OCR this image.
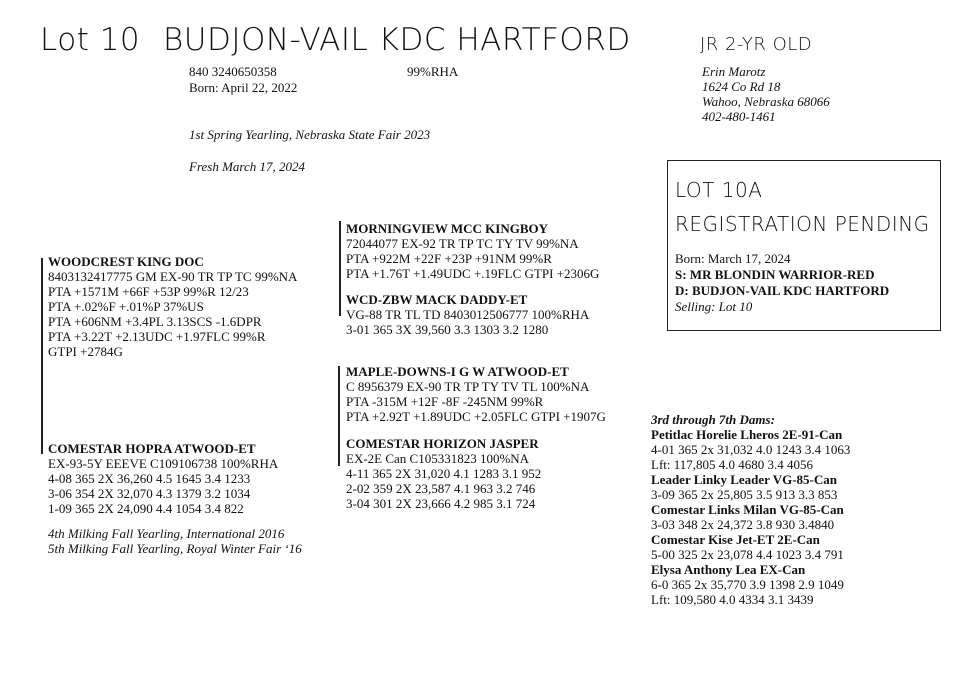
Lot 10 BUDJON-VAIL KDC HARTFORD	JR 2-YR OLD
840 3240650358	99%RHA
Born: April 22, 2022
1st Spring Yearling, Nebraska State Fair 2023
Fresh March 17, 2024
Erin Marotz
1624 Co Rd 18
Wahoo, Nebraska 68066
402-480-1461
LOT 10A
REGISTRATION PENDING
Born: March 17, 2024
S: MR BLONDIN WARRIOR-RED
D: BUDJON-VAIL KDC HARTFORD
Selling: Lot 10
WOODCREST KING DOC
8403132417775 GM EX-90 TR TP TC 99%NA
PTA +1571M +66F +53P 99%R 12/23
PTA +.02%F +.01%P 37%US
PTA +606NM +3.4PL 3.13SCS -1.6DPR
PTA +3.22T +2.13UDC +1.97FLC 99%R
GTPI +2784G
MORNINGVIEW MCC KINGBOY
72044077 EX-92 TR TP TC TY TV 99%NA
PTA +922M +22F +23P +91NM 99%R
PTA +1.76T +1.49UDC +.19FLC GTPI +2306G
WCD-ZBW MACK DADDY-ET
VG-88 TR TL TD 8403012506777 100%RHA
3-01 365 3X 39,560 3.3 1303 3.2 1280
MAPLE-DOWNS-I G W ATWOOD-ET
C 8956379 EX-90 TR TP TY TV TL 100%NA
PTA -315M +12F -8F -245NM 99%R
PTA +2.92T +1.89UDC +2.05FLC GTPI +1907G
COMESTAR HOPRA ATWOOD-ET
EX-93-5Y EEEVE C109106738 100%RHA
4-08 365 2X 36,260 4.5 1645 3.4 1233
3-06 354 2X 32,070 4.3 1379 3.2 1034
1-09 365 2X 24,090 4.4 1054 3.4 822
4th Milking Fall Yearling, International 2016
5th Milking Fall Yearling, Royal Winter Fair ‘16
COMESTAR HORIZON JASPER
EX-2E Can C105331823 100%NA
4-11 365 2X 31,020 4.1 1283 3.1 952
2-02 359 2X 23,587 4.1 963 3.2 746
3-04 301 2X 23,666 4.2 985 3.1 724
3rd through 7th Dams:
Petitlac Horelie Lheros 2E-91-Can
4-01 365 2x 31,032 4.0 1243 3.4 1063
Lft: 117,805 4.0 4680 3.4 4056
Leader Linky Leader VG-85-Can
3-09 365 2x 25,805 3.5 913 3.3 853
Comestar Links Milan VG-85-Can
3-03 348 2x 24,372 3.8 930 3.4840
Comestar Kise Jet-ET 2E-Can
5-00 325 2x 23,078 4.4 1023 3.4 791
Elysa Anthony Lea EX-Can
6-0 365 2x 35,770 3.9 1398 2.9 1049
Lft: 109,580 4.0 4334 3.1 3439
